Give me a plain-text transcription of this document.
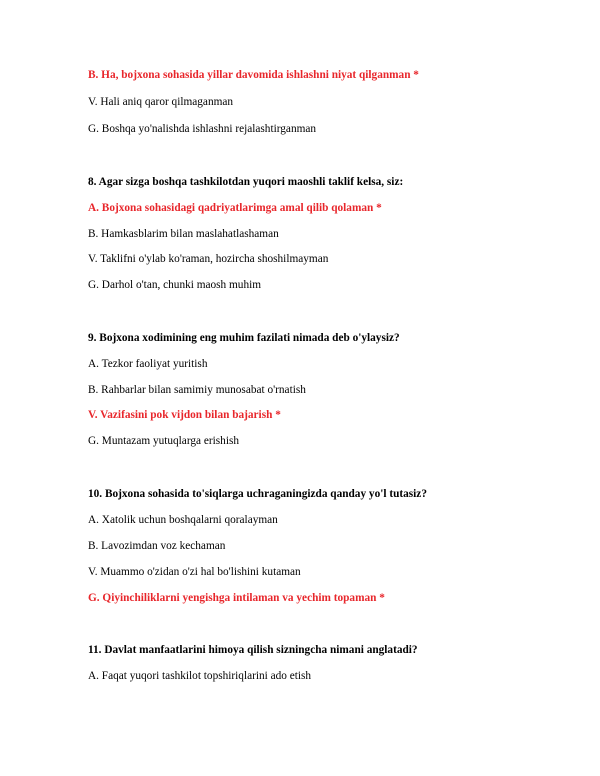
B. Ha, bojxona sohasida yillar davomida ishlashni niyat qilganman *
V. Hali aniq qaror qilmaganman
G. Boshqa yo'nalishda ishlashni rejalashtirganman
8. Agar sizga boshqa tashkilotdan yuqori maoshli taklif kelsa, siz:
A. Bojxona sohasidagi qadriyatlarimga amal qilib qolaman *
B. Hamkasblarim bilan maslahatlashaman
V. Taklifni o'ylab ko'raman, hozircha shoshilmayman
G. Darhol o'tan, chunki maosh muhim
9. Bojxona xodimining eng muhim fazilati nimada deb o'ylaysiz?
A. Tezkor faoliyat yuritish
B. Rahbarlar bilan samimiy munosabat o'rnatish
V. Vazifasini pok vijdon bilan bajarish *
G. Muntazam yutuqlarga erishish
10. Bojxona sohasida to'siqlarga uchraganingizda qanday yo'l tutasiz?
A. Xatolik uchun boshqalarni qoralayman
B. Lavozimdan voz kechaman
V. Muammo o'zidan o'zi hal bo'lishini kutaman
G. Qiyinchiliklarni yengishga intilaman va yechim topaman *
11. Davlat manfaatlarini himoya qilish sizningcha nimani anglatadi?
A. Faqat yuqori tashkilot topshiriqlarini ado etish
